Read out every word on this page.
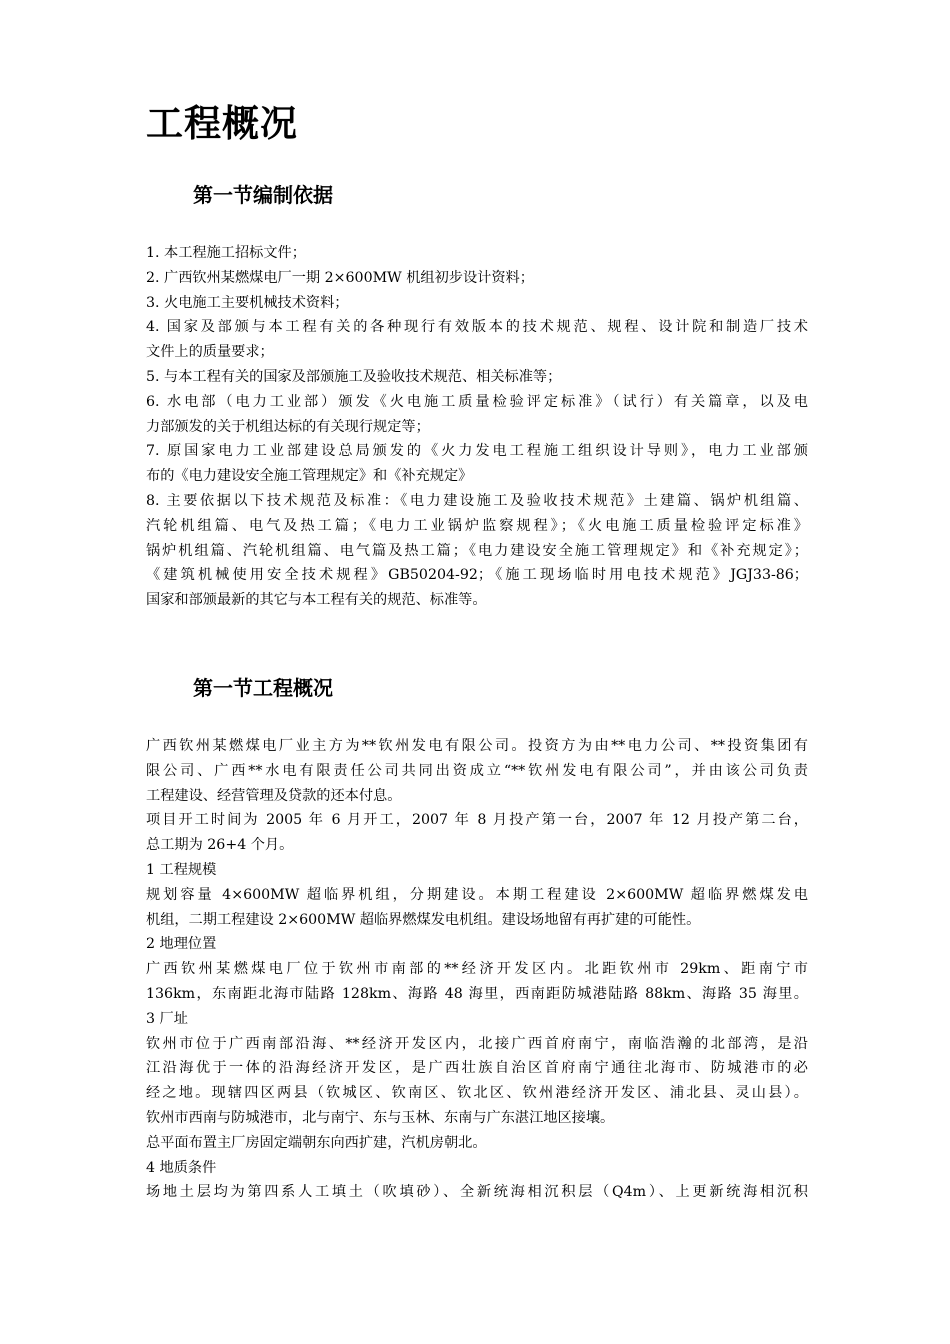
工程概况
第一节编制依据

1. 本工程施工招标文件；

2. 广西钦州某燃煤电厂一期 2×600MW 机组初步设计资料；

3. 火电施工主要机械技术资料；

4. 国家及部颁与本工程有关的各种现行有效版本的技术规范、规程、设计院和制造厂技术

文件上的质量要求；

5. 与本工程有关的国家及部颁施工及验收技术规范、相关标准等；

6. 水电部（电力工业部）颁发《火电施工质量检验评定标准》（试行）有关篇章，以及电

力部颁发的关于机组达标的有关现行规定等；

7. 原国家电力工业部建设总局颁发的《火力发电工程施工组织设计导则》，电力工业部颁

布的《电力建设安全施工管理规定》和《补充规定》

8. 主要依据以下技术规范及标准：《电力建设施工及验收技术规范》土建篇、锅炉机组篇、

汽轮机组篇、电气及热工篇；《电力工业锅炉监察规程》；《火电施工质量检验评定标准》

锅炉机组篇、汽轮机组篇、电气篇及热工篇；《电力建设安全施工管理规定》和《补充规定》；

《建筑机械使用安全技术规程》GB50204-92；《施工现场临时用电技术规范》JGJ33-86；

国家和部颁最新的其它与本工程有关的规范、标准等。

第一节工程概况

广西钦州某燃煤电厂业主方为**钦州发电有限公司。投资方为由**电力公司、**投资集团有

限公司、广西**水电有限责任公司共同出资成立“**钦州发电有限公司”，并由该公司负责

工程建设、经营管理及贷款的还本付息。

项目开工时间为 2005 年 6 月开工，2007 年 8 月投产第一台，2007 年 12 月投产第二台，

总工期为 26+4 个月。

1 工程规模

规划容量 4×600MW 超临界机组，分期建设。本期工程建设 2×600MW 超临界燃煤发电

机组，二期工程建设 2×600MW 超临界燃煤发电机组。建设场地留有再扩建的可能性。

2 地理位置

广西钦州某燃煤电厂位于钦州市南部的**经济开发区内。北距钦州市 29km、距南宁市

136km，东南距北海市陆路 128km、海路 48 海里，西南距防城港陆路 88km、海路 35 海里。

3 厂址

钦州市位于广西南部沿海、**经济开发区内，北接广西首府南宁，南临浩瀚的北部湾，是沿

江沿海优于一体的沿海经济开发区，是广西壮族自治区首府南宁通往北海市、防城港市的必

经之地。现辖四区两县（钦城区、钦南区、钦北区、钦州港经济开发区、浦北县、灵山县）。

钦州市西南与防城港市，北与南宁、东与玉林、东南与广东湛江地区接壤。

总平面布置主厂房固定端朝东向西扩建，汽机房朝北。

4 地质条件

场地土层均为第四系人工填土（吹填砂）、全新统海相沉积层（Q4m）、上更新统海相沉积
